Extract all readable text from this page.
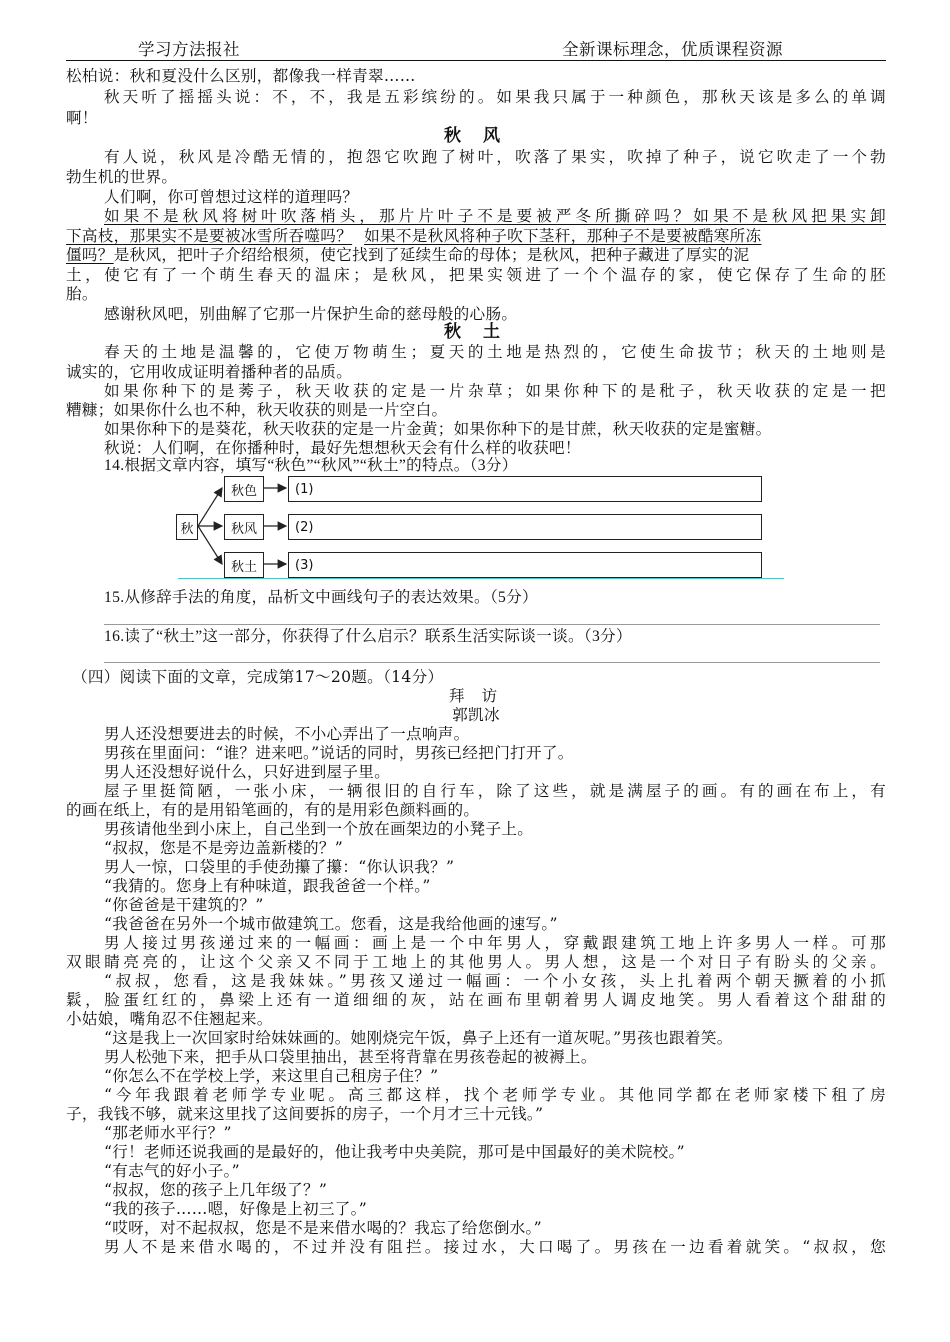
学习方法报社	全新课标理念，优质课程资源
松柏说：秋和夏没什么区别，都像我一样青翠……
秋天听了摇摇头说：不，不，我是五彩缤纷的。如果我只属于一种颜色，那秋天该是多么的单调
啊！
秋 风
有人说，秋风是冷酷无情的，抱怨它吹跑了树叶，吹落了果实，吹掉了种子，说它吹走了一个勃
勃生机的世界。
人们啊，你可曾想过这样的道理吗？
如果不是秋风将树叶吹落梢头，那片片叶子不是要被严冬所撕碎吗？如果不是秋风把果实卸
下高枝，那果实不是要被冰雪所吞噬吗？ 如果不是秋风将种子吹下茎秆，那种子不是要被酷寒所冻
僵吗？是秋风，把叶子介绍给根须，使它找到了延续生命的母体；是秋风，把种子藏进了厚实的泥
土，使它有了一个萌生春天的温床；是秋风，把果实领进了一个个温存的家，使它保存了生命的胚
胎。
感谢秋风吧，别曲解了它那一片保护生命的慈母般的心肠。
秋 土
春天的土地是温馨的，它使万物萌生；夏天的土地是热烈的，它使生命拔节；秋天的土地则是
诚实的，它用收成证明着播种者的品质。
如果你种下的是莠子，秋天收获的定是一片杂草；如果你种下的是秕子，秋天收获的定是一把
糟糠；如果你什么也不种，秋天收获的则是一片空白。
如果你种下的是葵花，秋天收获的定是一片金黄；如果你种下的是甘蔗，秋天收获的定是蜜糖。
秋说：人们啊，在你播种时，最好先想想秋天会有什么样的收获吧！
14.根据文章内容，填写“秋色”“秋风”“秋土”的特点。（3分）
秋
秋色
秋风
秋土
(1)
(2)
(3)
15.从修辞手法的角度，品析文中画线句子的表达效果。（5分）
16.读了“秋土”这一部分，你获得了什么启示？联系生活实际谈一谈。（3分）
（四）阅读下面的文章，完成第17～20题。（14分）
拜 访
郭凯冰
男人还没想要进去的时候，不小心弄出了一点响声。
男孩在里面问：“谁？进来吧。”说话的同时，男孩已经把门打开了。
男人还没想好说什么，只好进到屋子里。
屋子里挺简陋，一张小床，一辆很旧的自行车，除了这些，就是满屋子的画。有的画在布上，有
的画在纸上，有的是用铅笔画的，有的是用彩色颜料画的。
男孩请他坐到小床上，自己坐到一个放在画架边的小凳子上。
“叔叔，您是不是旁边盖新楼的？”
男人一惊，口袋里的手使劲攥了攥：“你认识我？”
“我猜的。您身上有种味道，跟我爸爸一个样。”
“你爸爸是干建筑的？”
“我爸爸在另外一个城市做建筑工。您看，这是我给他画的速写。”
男人接过男孩递过来的一幅画：画上是一个中年男人，穿戴跟建筑工地上许多男人一样。可那
双眼睛亮亮的，让这个父亲又不同于工地上的其他男人。男人想，这是一个对日子有盼头的父亲。
“叔叔，您看，这是我妹妹。”男孩又递过一幅画：一个小女孩，头上扎着两个朝天撅着的小抓
鬏，脸蛋红红的，鼻梁上还有一道细细的灰，站在画布里朝着男人调皮地笑。男人看着这个甜甜的
小姑娘，嘴角忍不住翘起来。
“这是我上一次回家时给妹妹画的。她刚烧完午饭，鼻子上还有一道灰呢。”男孩也跟着笑。
男人松弛下来，把手从口袋里抽出，甚至将背靠在男孩卷起的被褥上。
“你怎么不在学校上学，来这里自己租房子住？”
“今年我跟着老师学专业呢。高三都这样，找个老师学专业。其他同学都在老师家楼下租了房
子，我钱不够，就来这里找了这间要拆的房子，一个月才三十元钱。”
“那老师水平行？”
“行！老师还说我画的是最好的，他让我考中央美院，那可是中国最好的美术院校。”
“有志气的好小子。”
“叔叔，您的孩子上几年级了？”
“我的孩子……嗯，好像是上初三了。”
“哎呀，对不起叔叔，您是不是来借水喝的？我忘了给您倒水。”
男人不是来借水喝的，不过并没有阻拦。接过水，大口喝了。男孩在一边看着就笑。“叔叔，您
